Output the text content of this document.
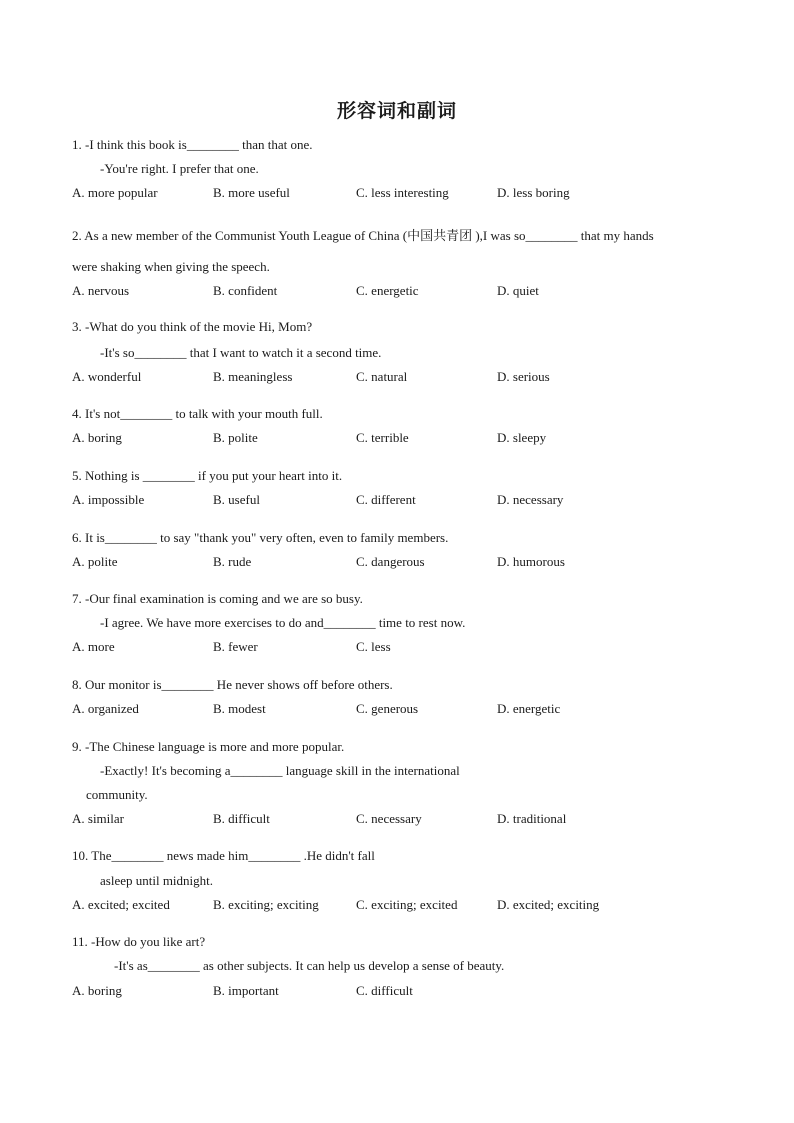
形容词和副词
1. -I think this book is________ than that one.
-You're right. I prefer that one.
A. more popular	B. more useful	C. less interesting	D. less boring
2. As a new member of the Communist Youth League of China (中国共青团 ),I was so________ that my hands
were shaking when giving the speech.
A. nervous	B. confident	C. energetic	D. quiet
3. -What do you think of the movie Hi, Mom?
-It's so________ that I want to watch it a second time.
A. wonderful	B. meaningless	C. natural	D. serious
4. It's not________ to talk with your mouth full.
A. boring	B. polite	C. terrible	D. sleepy
5. Nothing is ________ if you put your heart into it.
A. impossible	B. useful	C. different	D. necessary
6. It is________ to say "thank you" very often, even to family members.
A. polite	B. rude	C. dangerous	D. humorous
7. -Our final examination is coming and we are so busy.
-I agree. We have more exercises to do and________ time to rest now.
A. more	B. fewer	C. less
8. Our monitor is________ He never shows off before others.
A. organized	B. modest	C. generous	D. energetic
9. -The Chinese language is more and more popular.
-Exactly! It's becoming a________ language skill in the international
community.
A. similar	B. difficult	C. necessary	D. traditional
10. The________ news made him________ .He didn't fall
asleep until midnight.
A. excited; excited	B. exciting; exciting	C. exciting; excited	D. excited; exciting
11. -How do you like art?
-It's as________ as other subjects. It can help us develop a sense of beauty.
A. boring	B. important	C. difficult
